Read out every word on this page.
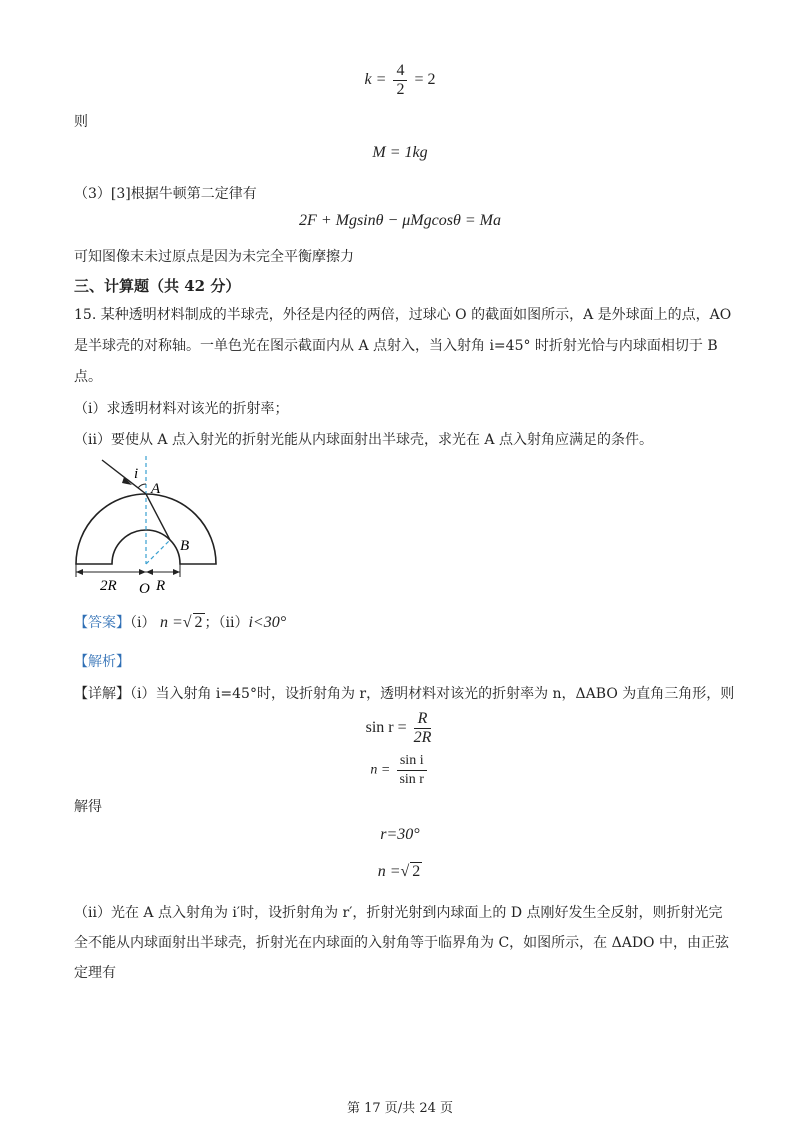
$k = \frac{4}{2} = 2$
则
M = 1kg
（3）[3]根据牛顿第二定律有
2F + Mgsinθ − μMgcosθ = Ma
可知图像末未过原点是因为未完全平衡摩擦力
三、计算题（共 42 分）
15. 某种透明材料制成的半球壳，外径是内径的两倍，过球心 O 的截面如图所示，A 是外球面上的点，AO
是半球壳的对称轴。一单色光在图示截面内从 A 点射入，当入射角 i=45° 时折射光恰与内球面相切于 B
点。
（i）求透明材料对该光的折射率；
（ii）要使从 A 点入射光的折射光能从内球面射出半球壳，求光在 A 点入射角应满足的条件。
i
A
B
2R O R
【答案】（i） n =√ 2 ；（ii）i<30°
【解析】
【详解】（i）当入射角 i=45°时，设折射角为 r，透明材料对该光的折射率为 n，ΔABO 为直角三角形，则
$\sin r = \frac{R}{2R}$
$n = \frac{\text{sin i}}{\text{sin r}}$
解得
r=30°
n =√ 2
（ii）光在 A 点入射角为 i′时，设折射角为 r′，折射光射到内球面上的 D 点刚好发生全反射，则折射光完
全不能从内球面射出半球壳，折射光在内球面的入射角等于临界角为 C，如图所示，在 ΔADO 中，由正弦
定理有
第 17 页/共 24 页
